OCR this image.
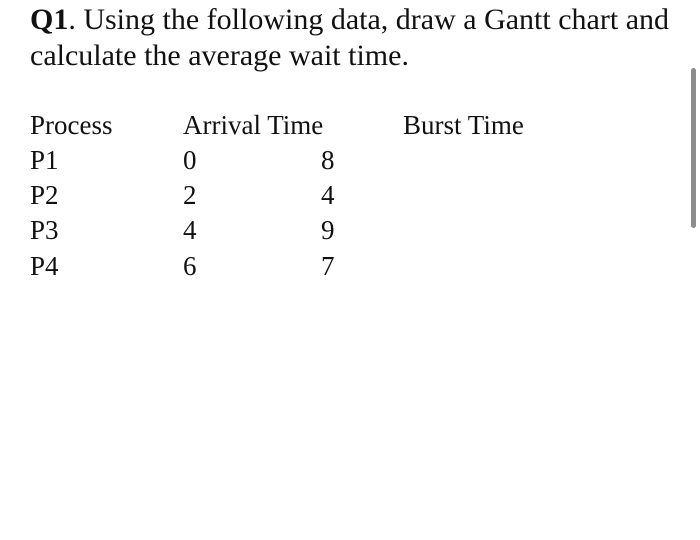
Q1. Using the following data, draw a Gantt chart and calculate the average wait time.
Process	Arrival Time	Burst Time
P1	0	8
P2	2	4
P3	4	9
P4	6	7
